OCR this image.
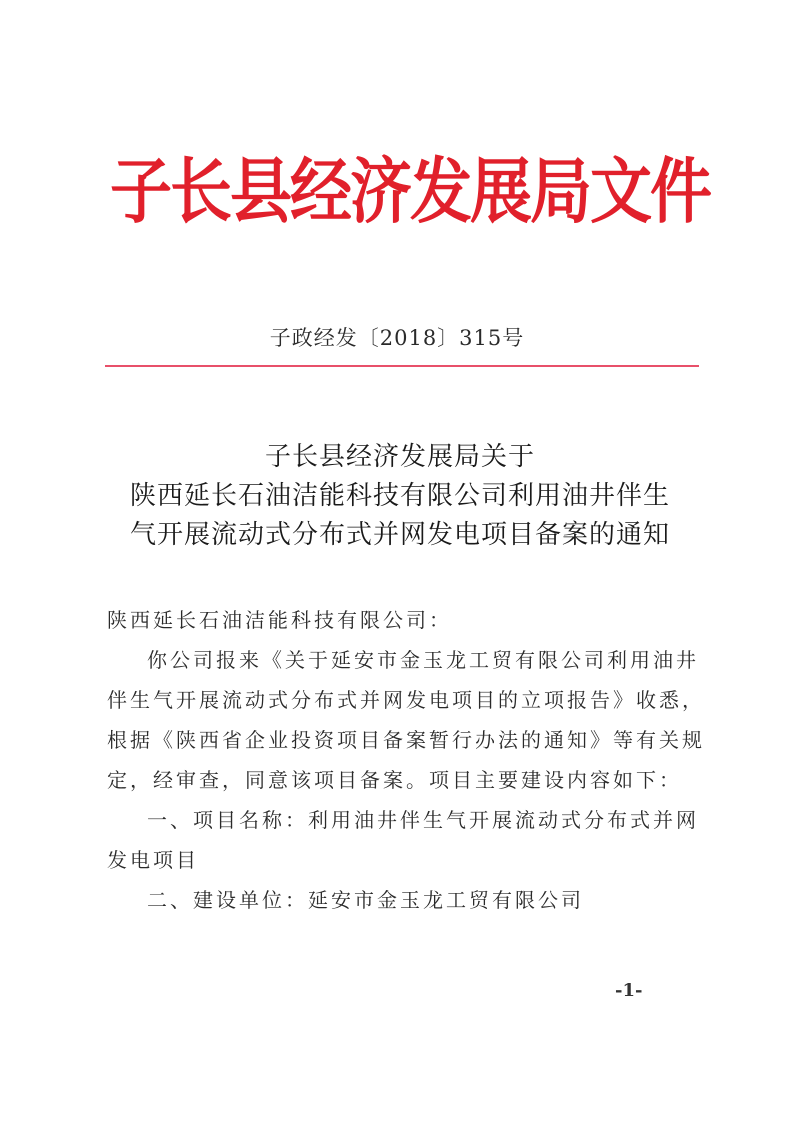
子长县经济发展局文件
子政经发〔2018〕315号
子长县经济发展局关于
陕西延长石油洁能科技有限公司利用油井伴生
气开展流动式分布式并网发电项目备案的通知

陕西延长石油洁能科技有限公司：

你公司报来《关于延安市金玉龙工贸有限公司利用油井伴生气开展流动式分布式并网发电项目的立项报告》收悉，根据《陕西省企业投资项目备案暂行办法的通知》等有关规定，经审查，同意该项目备案。项目主要建设内容如下：

一、项目名称：利用油井伴生气开展流动式分布式并网发电项目

二、建设单位：延安市金玉龙工贸有限公司

-1-
